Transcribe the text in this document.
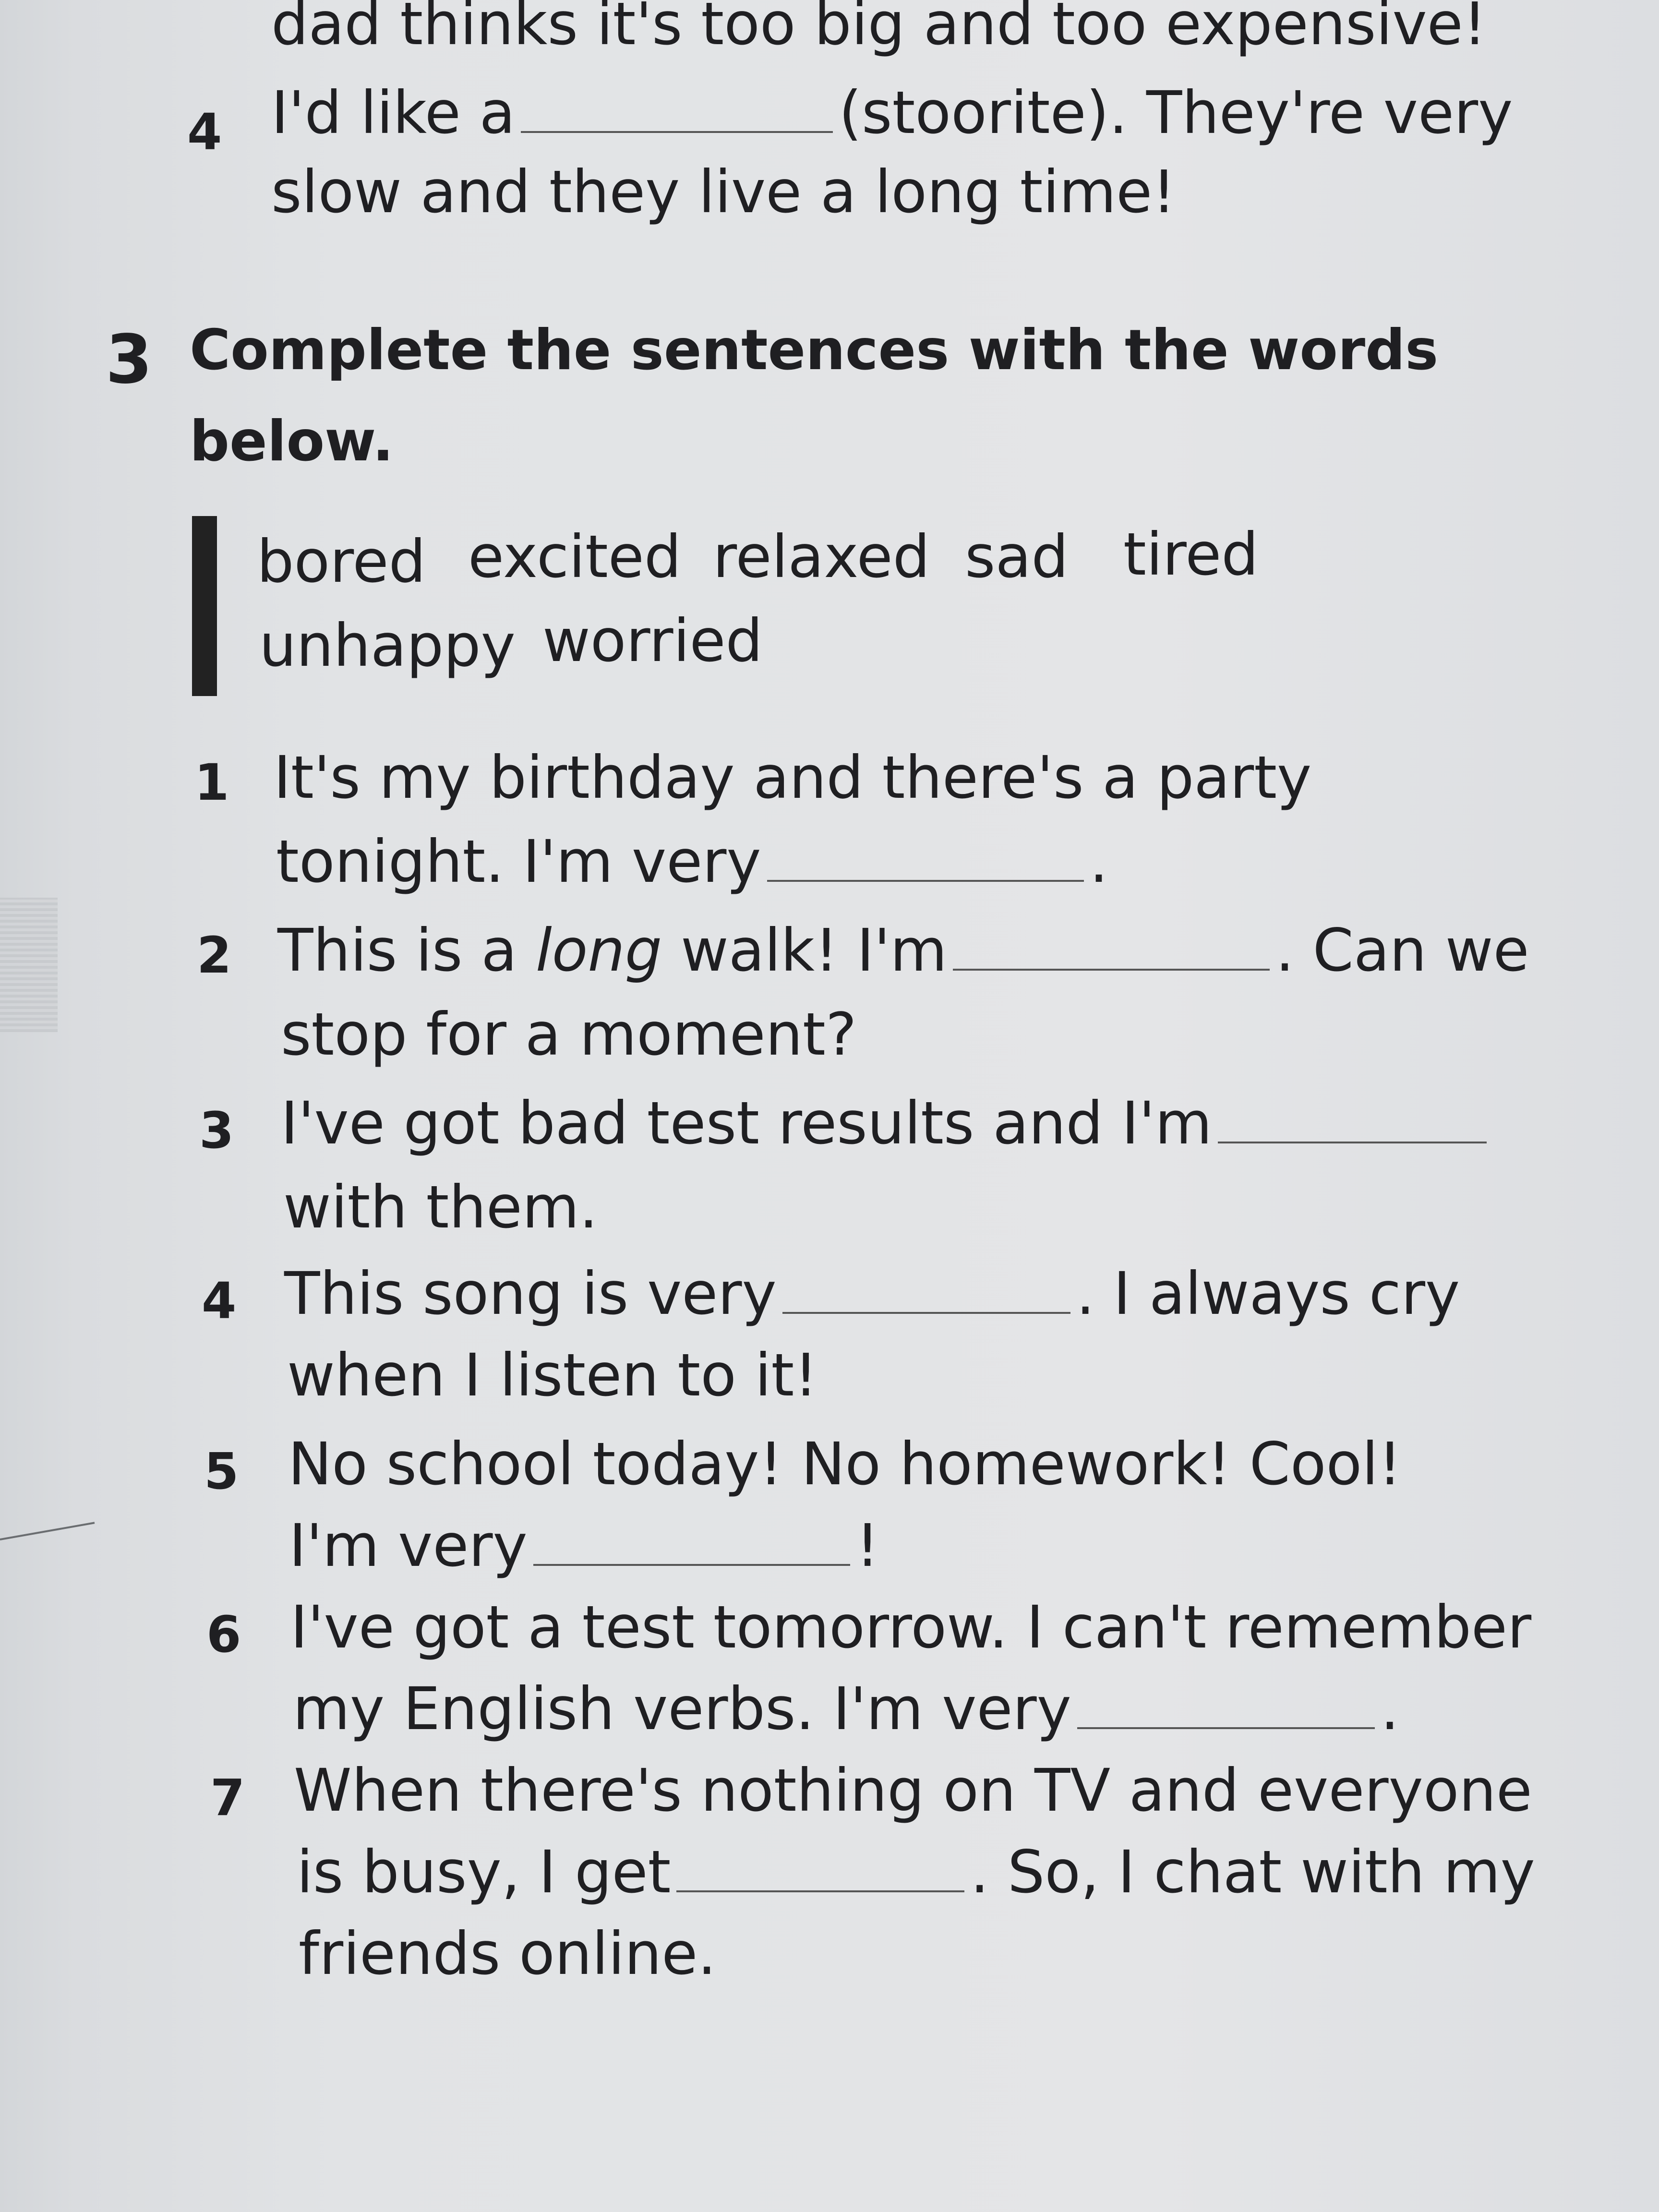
dad thinks it's too big and too expensive!
4 I'd like a	(stoorite). They're very
slow and they live a long time!
3 Complete the sentences with the words
below.
bored excited relaxed sad tired
unhappy worried
1 It's my birthday and there's a party
tonight. I'm very	.
2 This is a long walk! I'm	. Can we
stop for a moment?
3 I've got bad test results and I'm
with them.
4 This song is very	. I always cry
when I listen to it!
5 No school today! No homework! Cool!
I'm very	!
6 I've got a test tomorrow. I can't remember
my English verbs. I'm very	.
7 When there's nothing on TV and everyone
is busy, I get	. So, I chat with my
friends online.
